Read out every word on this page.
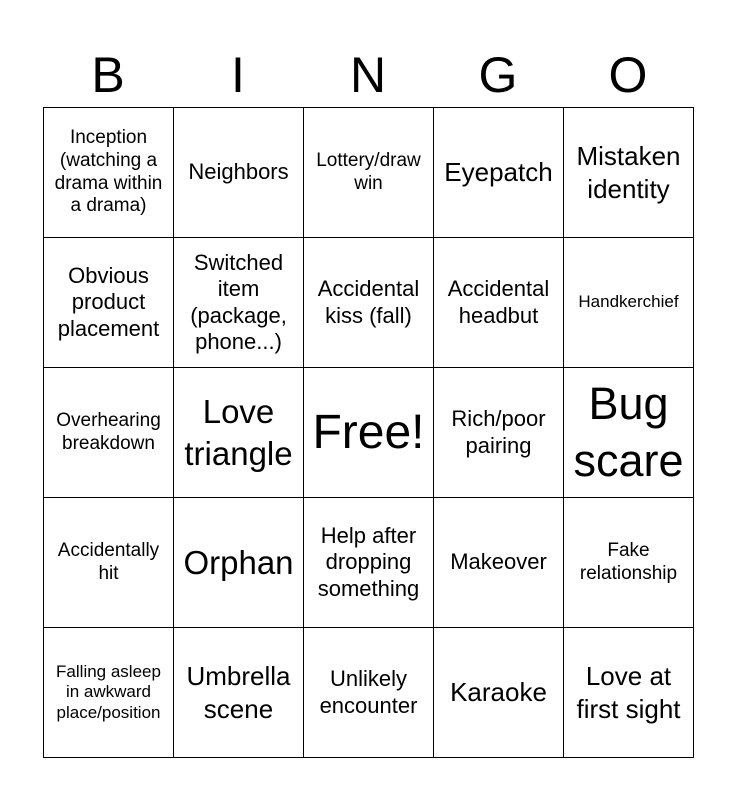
B	I	N	G	O
Inception (watching a drama within a drama)	Neighbors	Lottery/draw win	Eyepatch	Mistaken identity
Obvious product placement	Switched item (package, phone...)	Accidental kiss (fall)	Accidental headbut	Handkerchief
Overhearing breakdown	Love triangle	Free!	Rich/poor pairing	Bug scare
Accidentally hit	Orphan	Help after dropping something	Makeover	Fake relationship
Falling asleep in awkward place/position	Umbrella scene	Unlikely encounter	Karaoke	Love at first sight
